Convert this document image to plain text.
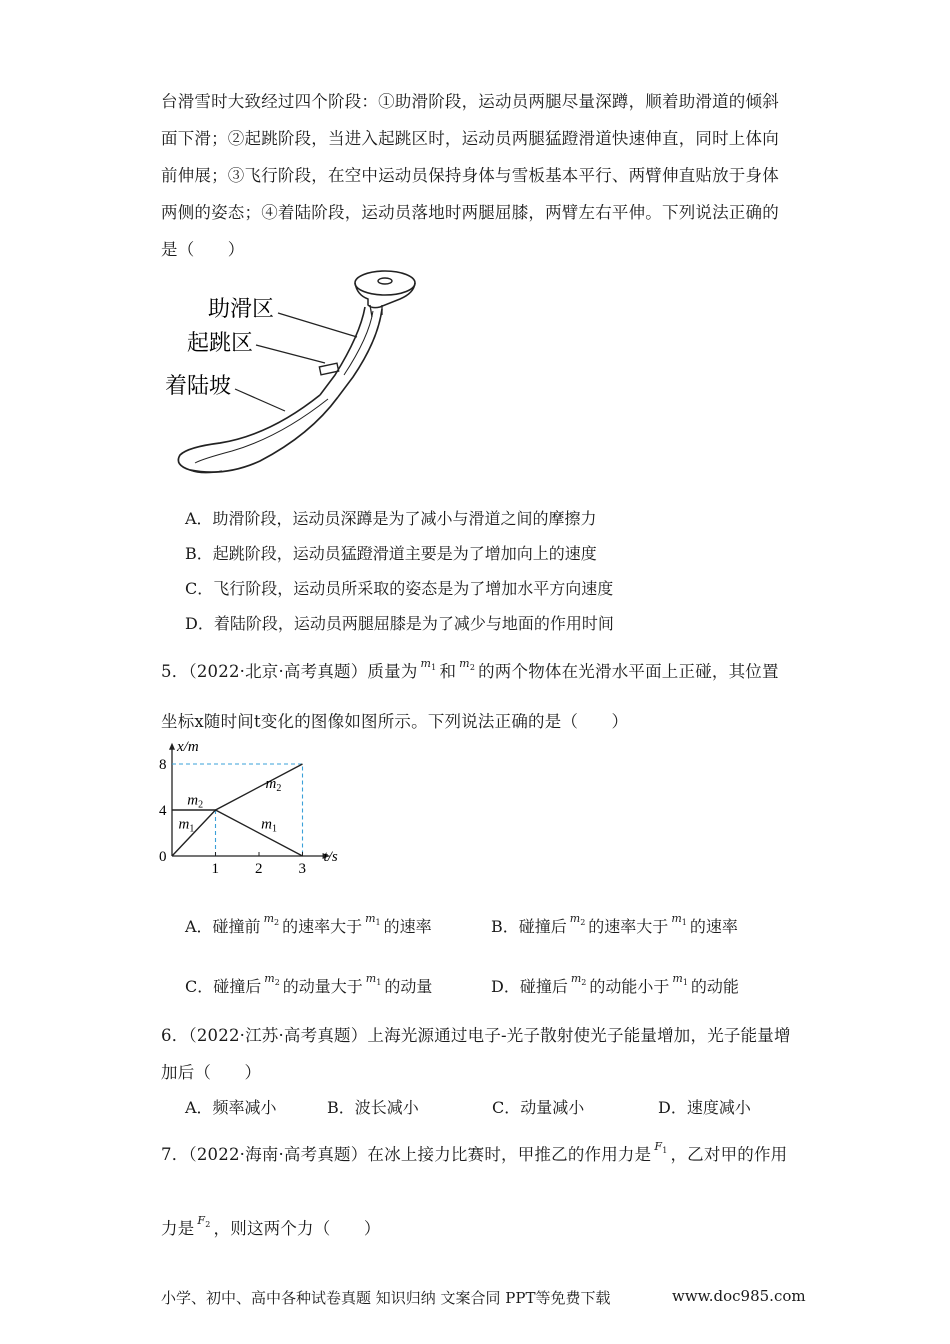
台滑雪时大致经过四个阶段：①助滑阶段，运动员两腿尽量深蹲，顺着助滑道的倾斜
面下滑；②起跳阶段，当进入起跳区时，运动员两腿猛蹬滑道快速伸直，同时上体向
前伸展；③飞行阶段，在空中运动员保持身体与雪板基本平行、两臂伸直贴放于身体
两侧的姿态；④着陆阶段，运动员落地时两腿屈膝，两臂左右平伸。下列说法正确的
是（　　）
助滑区
起跳区
着陆坡
A．助滑阶段，运动员深蹲是为了减小与滑道之间的摩擦力
B．起跳阶段，运动员猛蹬滑道主要是为了增加向上的速度
C．飞行阶段，运动员所采取的姿态是为了增加水平方向速度
D．着陆阶段，运动员两腿屈膝是为了减少与地面的作用时间
5．（2022·北京·高考真题）质量为 $^{m_1}$ 和 $^{m_2}$ 的两个物体在光滑水平面上正碰，其位置
坐标x随时间t变化的图像如图所示。下列说法正确的是（　　）
t/s
x/m
1 2 3
0
4
8
$m_2$
$m_2$
$m_1$	$m_1$
A．碰撞前 $^{m_2}$ 的速率大于 $^{m_1}$ 的速率	B．碰撞后 $^{m_2}$ 的速率大于 $^{m_1}$ 的速率
C．碰撞后 $^{m_2}$ 的动量大于 $^{m_1}$ 的动量	D．碰撞后 $^{m_2}$ 的动能小于 $^{m_1}$ 的动能
6．（2022·江苏·高考真题）上海光源通过电子-光子散射使光子能量增加，光子能量增
加后（　　）
A．频率减小	B．波长减小	C．动量减小	D．速度减小
7．（2022·海南·高考真题）在冰上接力比赛时，甲推乙的作用力是 $^{F_1}$ ，乙对甲的作用
力是 $^{F_2}$ ，则这两个力（　　）
小学、初中、高中各种试卷真题 知识归纳 文案合同 PPT等免费下载	www.doc985.com
